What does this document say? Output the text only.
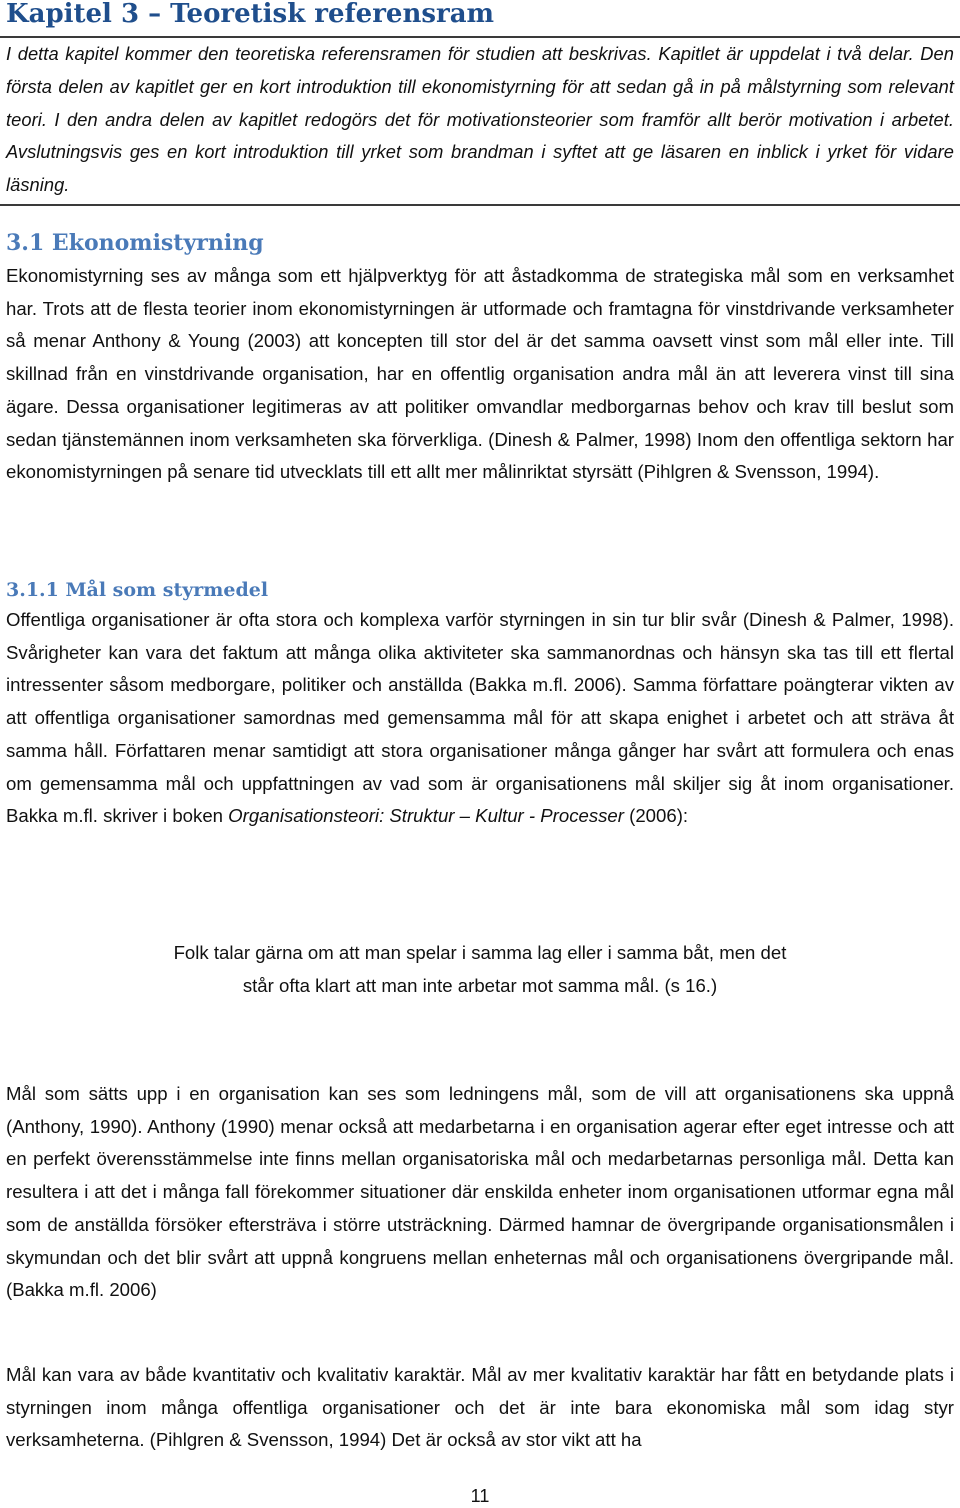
Kapitel 3 – Teoretisk referensram

I detta kapitel kommer den teoretiska referensramen för studien att beskrivas. Kapitlet är uppdelat i två delar. Den första delen av kapitlet ger en kort introduktion till ekonomistyrning för att sedan gå in på målstyrning som relevant teori. I den andra delen av kapitlet redogörs det för motivationsteorier som framför allt berör motivation i arbetet. Avslutningsvis ges en kort introduktion till yrket som brandman i syftet att ge läsaren en inblick i yrket för vidare läsning.

3.1 Ekonomistyrning

Ekonomistyrning ses av många som ett hjälpverktyg för att åstadkomma de strategiska mål som en verksamhet har. Trots att de flesta teorier inom ekonomistyrningen är utformade och framtagna för vinstdrivande verksamheter så menar Anthony & Young (2003) att koncepten till stor del är det samma oavsett vinst som mål eller inte. Till skillnad från en vinstdrivande organisation, har en offentlig organisation andra mål än att leverera vinst till sina ägare. Dessa organisationer legitimeras av att politiker omvandlar medborgarnas behov och krav till beslut som sedan tjänstemännen inom verksamheten ska förverkliga. (Dinesh & Palmer, 1998) Inom den offentliga sektorn har ekonomistyrningen på senare tid utvecklats till ett allt mer målinriktat styrsätt (Pihlgren & Svensson, 1994).

3.1.1 Mål som styrmedel

Offentliga organisationer är ofta stora och komplexa varför styrningen in sin tur blir svår (Dinesh & Palmer, 1998). Svårigheter kan vara det faktum att många olika aktiviteter ska sammanordnas och hänsyn ska tas till ett flertal intressenter såsom medborgare, politiker och anställda (Bakka m.fl. 2006). Samma författare poängterar vikten av att offentliga organisationer samordnas med gemensamma mål för att skapa enighet i arbetet och att sträva åt samma håll. Författaren menar samtidigt att stora organisationer många gånger har svårt att formulera och enas om gemensamma mål och uppfattningen av vad som är organisationens mål skiljer sig åt inom organisationer. Bakka m.fl. skriver i boken Organisationsteori: Struktur – Kultur - Processer (2006):

Folk talar gärna om att man spelar i samma lag eller i samma båt, men det
står ofta klart att man inte arbetar mot samma mål. (s 16.)

Mål som sätts upp i en organisation kan ses som ledningens mål, som de vill att organisationens ska uppnå (Anthony, 1990). Anthony (1990) menar också att medarbetarna i en organisation agerar efter eget intresse och att en perfekt överensstämmelse inte finns mellan organisatoriska mål och medarbetarnas personliga mål. Detta kan resultera i att det i många fall förekommer situationer där enskilda enheter inom organisationen utformar egna mål som de anställda försöker eftersträva i större utsträckning. Därmed hamnar de övergripande organisationsmålen i skymundan och det blir svårt att uppnå kongruens mellan enheternas mål och organisationens övergripande mål. (Bakka m.fl. 2006)

Mål kan vara av både kvantitativ och kvalitativ karaktär. Mål av mer kvalitativ karaktär har fått en betydande plats i styrningen inom många offentliga organisationer och det är inte bara ekonomiska mål som idag styr verksamheterna. (Pihlgren & Svensson, 1994) Det är också av stor vikt att ha

11
